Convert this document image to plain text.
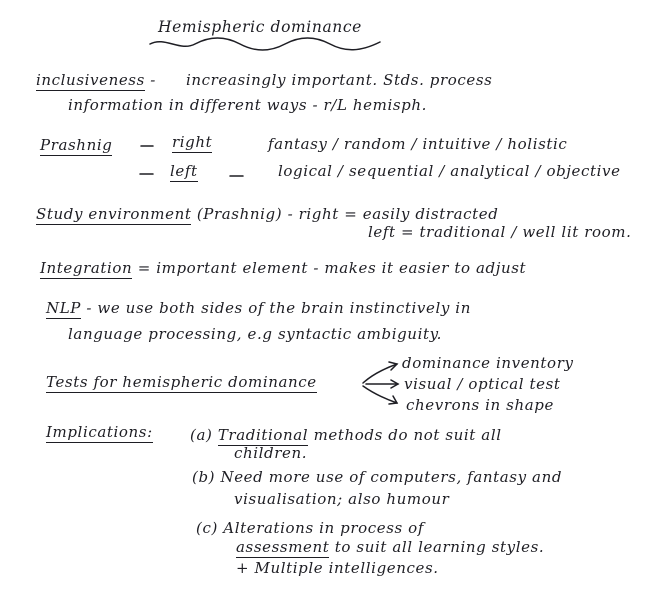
Hemispheric dominance
inclusiveness - increasingly important. Stds. process
information in different ways - r/L hemisph.
Prashnig	right	fantasy / random / intuitive / holistic
left	logical / sequential / analytical / objective
Study environment (Prashnig) - right = easily distracted
left = traditional / well lit room.
Integration = important element - makes it easier to adjust
NLP - we use both sides of the brain instinctively in
language processing, e.g syntactic ambiguity.
Tests for hemispheric dominance
dominance inventory
visual / optical test
chevrons in shape
Implications: (a) Traditional methods do not suit all
children.
(b) Need more use of computers, fantasy and
visualisation; also humour
(c) Alterations in process of
assessment to suit all learning styles.
+ Multiple intelligences.
